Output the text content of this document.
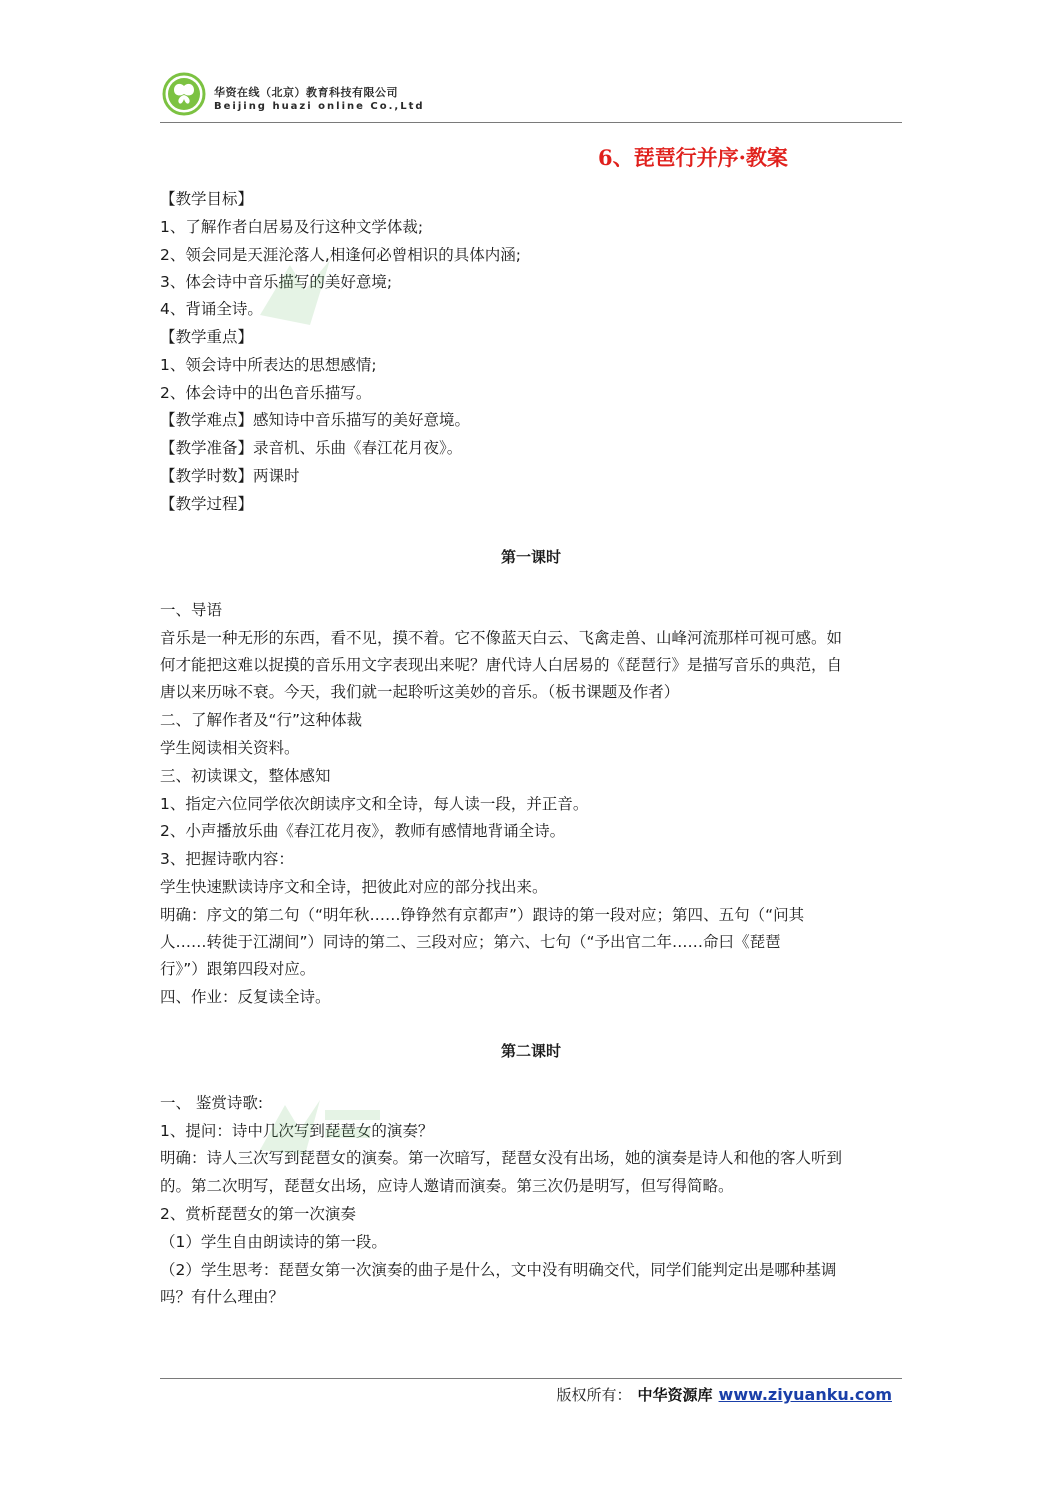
华资在线（北京）教育科技有限公司
Beijing huazi online Co.,Ltd
6、琵琶行并序·教案
【教学目标】
1、了解作者白居易及行这种文学体裁;
2、领会同是天涯沦落人,相逢何必曾相识的具体内涵;
3、体会诗中音乐描写的美好意境;
4、背诵全诗。
【教学重点】
1、领会诗中所表达的思想感情;
2、体会诗中的出色音乐描写。
【教学难点】感知诗中音乐描写的美好意境。
【教学准备】录音机、乐曲《春江花月夜》。
【教学时数】两课时
【教学过程】
第一课时
一、导语
音乐是一种无形的东西，看不见，摸不着。它不像蓝天白云、飞禽走兽、山峰河流那样可视可感。如
何才能把这难以捉摸的音乐用文字表现出来呢？唐代诗人白居易的《琵琶行》是描写音乐的典范，自
唐以来历咏不衰。今天，我们就一起聆听这美妙的音乐。（板书课题及作者）
二、了解作者及“行”这种体裁
学生阅读相关资料。
三、初读课文，整体感知
1、指定六位同学依次朗读序文和全诗，每人读一段，并正音。
2、小声播放乐曲《春江花月夜》，教师有感情地背诵全诗。
3、把握诗歌内容：
学生快速默读诗序文和全诗，把彼此对应的部分找出来。
明确：序文的第二句（“明年秋……铮铮然有京都声”）跟诗的第一段对应；第四、五句（“问其
人……转徙于江湖间”）同诗的第二、三段对应；第六、七句（“予出官二年……命曰《琵琶
行》”）跟第四段对应。
四、作业：反复读全诗。
第二课时
一、 鉴赏诗歌:
1、提问：诗中几次写到琵琶女的演奏？
明确：诗人三次写到琵琶女的演奏。第一次暗写，琵琶女没有出场，她的演奏是诗人和他的客人听到
的。第二次明写，琵琶女出场，应诗人邀请而演奏。第三次仍是明写，但写得简略。
2、赏析琵琶女的第一次演奏
（1）学生自由朗读诗的第一段。
（2）学生思考：琵琶女第一次演奏的曲子是什么，文中没有明确交代，同学们能判定出是哪种基调
吗？有什么理由？
版权所有： 中华资源库 www.ziyuanku.com
